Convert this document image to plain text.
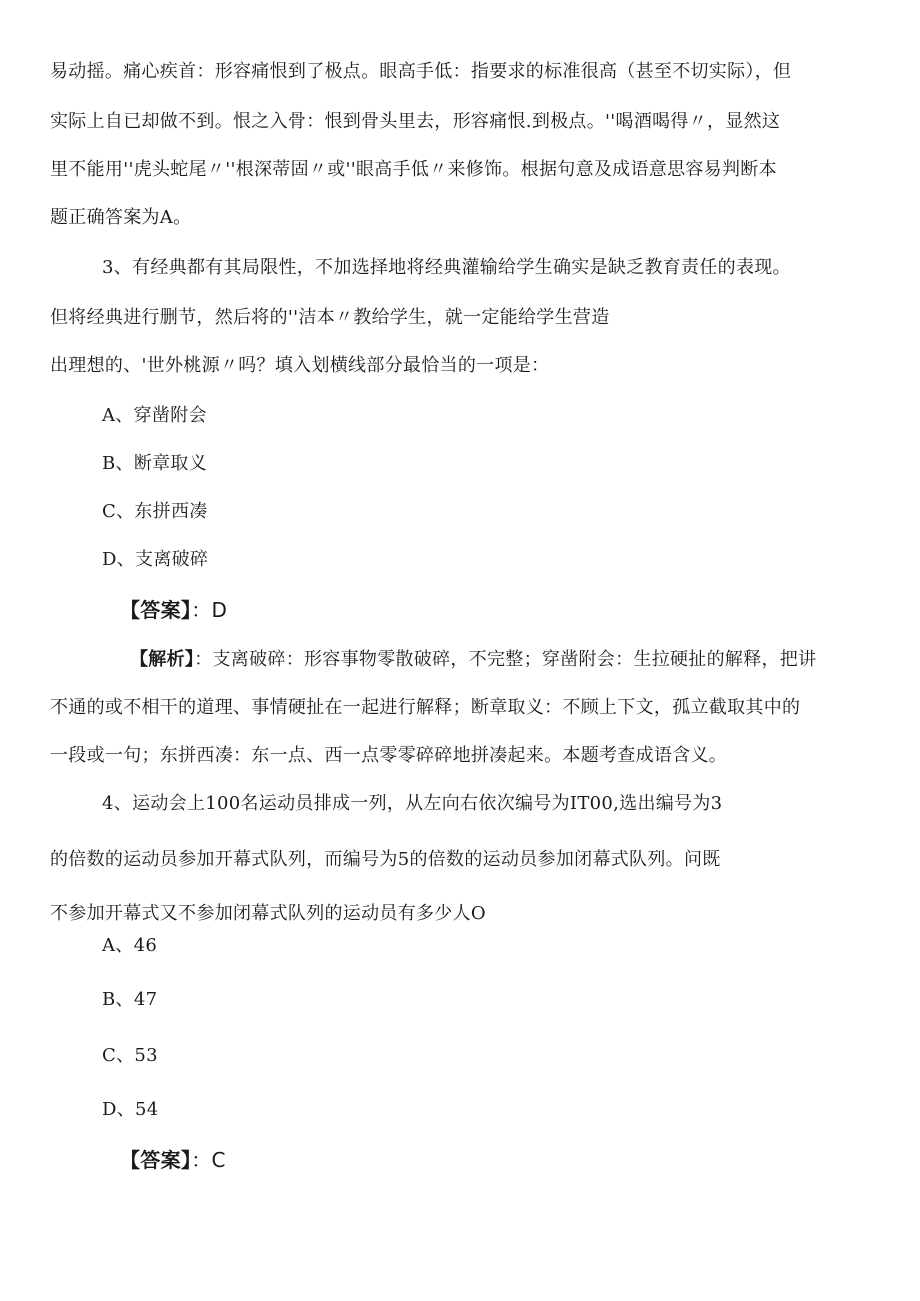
易动摇。痛心疾首：形容痛恨到了极点。眼高手低：指要求的标准很高（甚至不切实际），但
实际上自已却做不到。恨之入骨：恨到骨头里去，形容痛恨.到极点。''喝酒喝得〃，显然这
里不能用''虎头蛇尾〃''根深蒂固〃或''眼高手低〃来修饰。根据句意及成语意思容易判断本
题正确答案为A。
3、有经典都有其局限性，不加选择地将经典灌输给学生确实是缺乏教育责任的表现。
但将经典进行删节，然后将的''洁本〃教给学生，就一定能给学生营造
出理想的、'世外桃源〃吗？填入划横线部分最恰当的一项是：
A、穿凿附会
B、断章取义
C、东拼西凑
D、支离破碎
【答案】：D
【解析】：支离破碎：形容事物零散破碎，不完整；穿凿附会：生拉硬扯的解释，把讲
不通的或不相干的道理、事情硬扯在一起进行解释；断章取义：不顾上下文，孤立截取其中的
一段或一句；东拼西凑：东一点、西一点零零碎碎地拼凑起来。本题考查成语含义。
4、运动会上100名运动员排成一列，从左向右依次编号为IT00,选出编号为3
的倍数的运动员参加开幕式队列，而编号为5的倍数的运动员参加闭幕式队列。问既
不参加开幕式又不参加闭幕式队列的运动员有多少人O
A、46
B、47
C、53
D、54
【答案】：C
